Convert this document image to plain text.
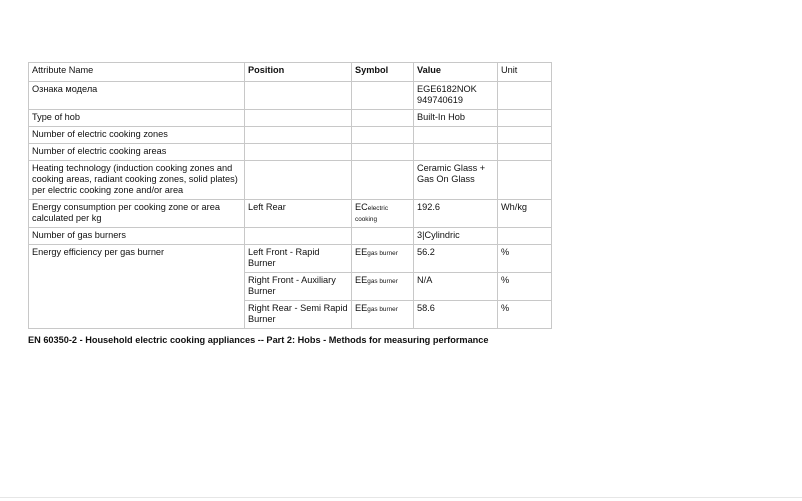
Attribute Name	Position	Symbol	Value	Unit
Ознака модела			EGE6182NOK 949740619	
Type of hob			Built-In Hob	
Number of electric cooking zones				
Number of electric cooking areas				
Heating technology (induction cooking zones and cooking areas, radiant cooking zones, solid plates) per electric cooking zone and/or area			Ceramic Glass + Gas On Glass	
Energy consumption per cooking zone or area calculated per kg	Left Rear	ECelectric cooking	192.6	Wh/kg
Number of gas burners			3|Cylindric	
Energy efficiency per gas burner	Left Front - Rapid Burner	EEgas burner	56.2	%
	Right Front - Auxiliary Burner	EEgas burner	N/A	%
	Right Rear - Semi Rapid Burner	EEgas burner	58.6	%
EN 60350-2 - Household electric cooking appliances -- Part 2: Hobs - Methods for measuring performance
